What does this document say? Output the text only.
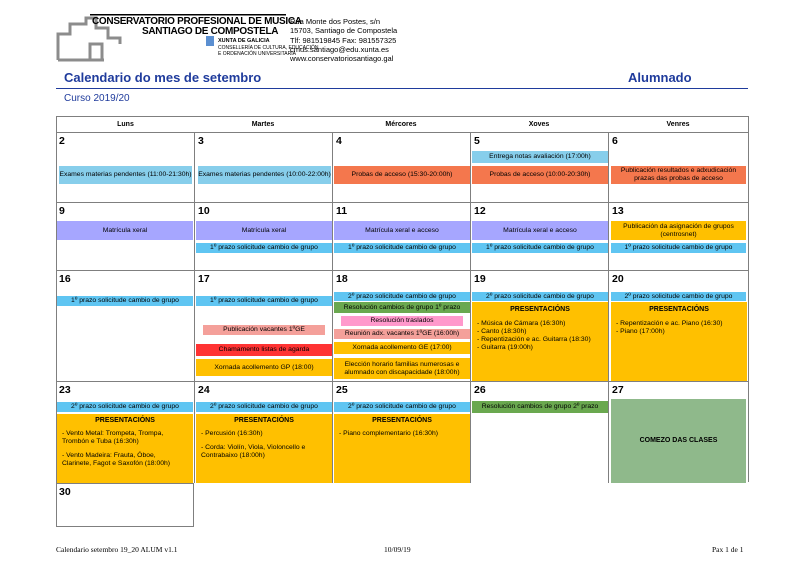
CONSERVATORIO PROFESIONAL DE MUSICA
SANTIAGO DE COMPOSTELA
XUNTA DE GALICIA
CONSELLERÍA DE CULTURA, EDUCACIÓN
E ORDENACIÓN UNIVERSITARIA
Rúa Monte dos Postes, s/n
15703, Santiago de Compostela
Tlf: 981519845 Fax: 981557325
cmus.santiago@edu.xunta.es
www.conservatoriosantiago.gal
Calendario do mes de setembro	Alumnado
Curso 2019/20
Luns	Martes	Mércores	Xoves	Venres
2
Exames materias pendentes (11:00-21:30h)
3
Exames materias pendentes (10:00-22:00h)
4
Probas de acceso (15:30-20:00h)
5
Entrega notas avaliación (17:00h)
Probas de acceso (10:00-20:30h)
6
Publicación resultados e adxudicación prazas das probas de acceso
9
Matrícula xeral
10
Matrícula xeral
1º prazo solicitude cambio de grupo
11
Matrícula xeral e acceso
1º prazo solicitude cambio de grupo
12
Matrícula xeral e acceso
1º prazo solicitude cambio de grupo
13
Publicación da asignación de grupos (centrosnet)
1º prazo solicitude cambio de grupo
16
1º prazo solicitude cambio de grupo
17
1º prazo solicitude cambio de grupo
Publicación vacantes 1ºGE
Chamamento listas de agarda
Xornada acollemento GP (18:00)
18
2º prazo solicitude cambio de grupo
Resolución cambios de grupo 1º prazo
Resolución traslados
Reunión adx. vacantes 1ºGE (16:00h)
Xornada acollemento GE (17:00)
Elección horario familias numerosas e alumnado con discapacidade (18:00h)
19
2º prazo solicitude cambio de grupo
PRESENTACIÓNS
- Música de Cámara (16:30h)
- Canto (18:30h)
- Repentización e ac. Guitarra (18:30)
- Guitarra (19:00h)
20
2º prazo solicitude cambio de grupo
PRESENTACIÓNS
- Repentización e ac. Piano (16:30)
- Piano (17:00h)
23
2º prazo solicitude cambio de grupo
PRESENTACIÓNS
- Vento Metal: Trompeta, Trompa,
Trombón e Tuba (16:30h)
- Vento Madeira: Frauta, Óboe,
Clarinete, Fagot e Saxofón (18:00h)
24
2º prazo solicitude cambio de grupo
PRESENTACIÓNS
- Percusión (16:30h)
- Corda: Violín, Viola, Violoncello e
Contrabaixo (18:00h)
25
2º prazo solicitude cambio de grupo
PRESENTACIÓNS
- Piano complementario (16:30h)
26
Resolución cambios de grupo 2º prazo
27
COMEZO DAS CLASES
30
Calendario setembro 19_20 ALUM v1.1	10/09/19	Pax 1 de 1
